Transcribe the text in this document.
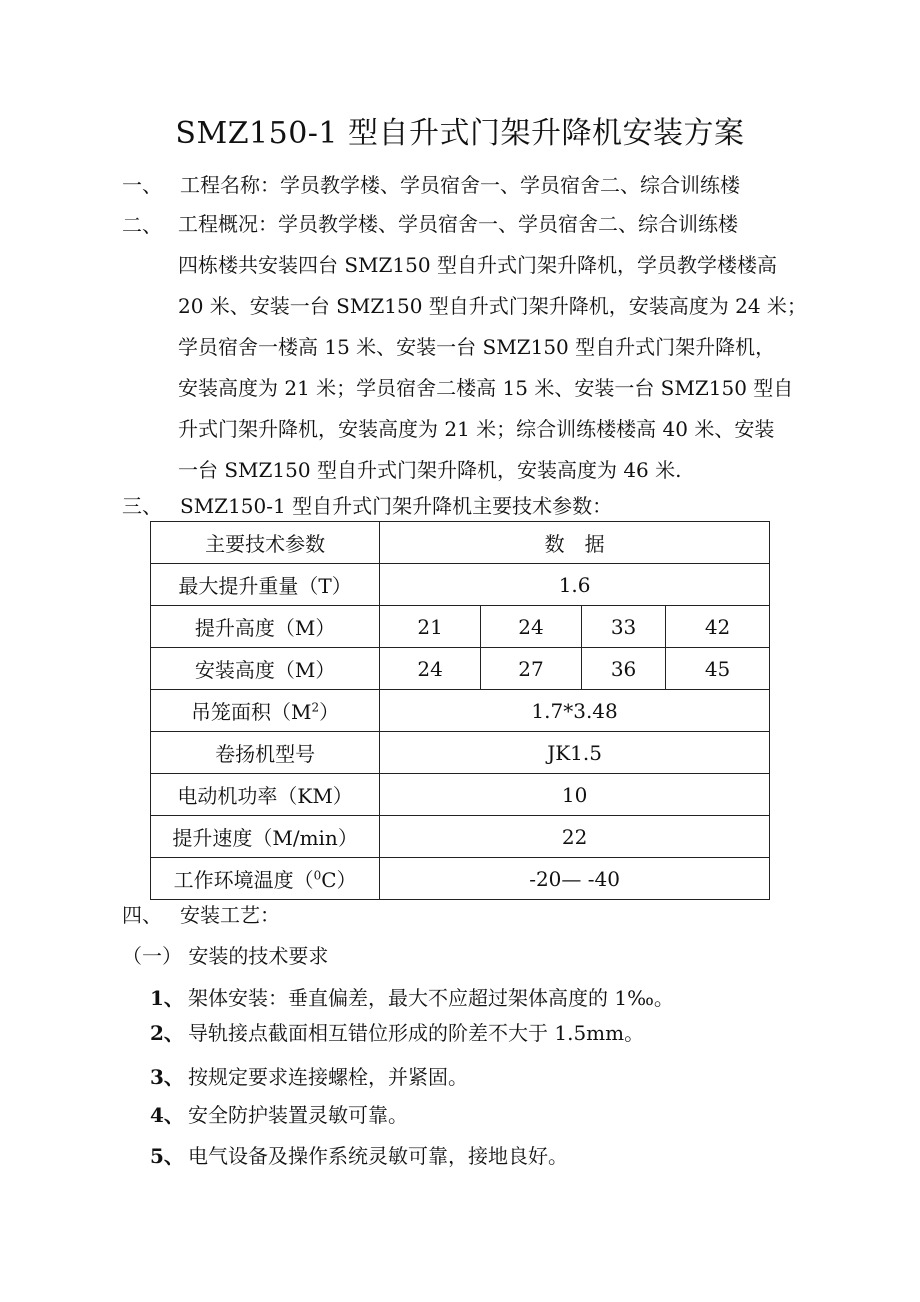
SMZ150-1 型自升式门架升降机安装方案
一、 工程名称：学员教学楼、学员宿舍一、学员宿舍二、综合训练楼
二、 工程概况：学员教学楼、学员宿舍一、学员宿舍二、综合训练楼
四栋楼共安装四台 SMZ150 型自升式门架升降机，学员教学楼楼高
20 米、安装一台 SMZ150 型自升式门架升降机，安装高度为 24 米；
学员宿舍一楼高 15 米、安装一台 SMZ150 型自升式门架升降机，
安装高度为 21 米；学员宿舍二楼高 15 米、安装一台 SMZ150 型自
升式门架升降机，安装高度为 21 米；综合训练楼楼高 40 米、安装
一台 SMZ150 型自升式门架升降机，安装高度为 46 米.
三、 SMZ150-1 型自升式门架升降机主要技术参数：
主要技术参数	数　据			
最大提升重量（T）	1.6			
提升高度（M）	21	24	33	42
安装高度（M）	24	27	36	45
吊笼面积$(M^2)$	1.7*3.48			
卷扬机型号	JK1.5			
电动机功率（KM）	10			
提升速度（M/min）	22			
工作环境温度（$^0$C）	-20— -40			
四、 安装工艺：
（一） 安装的技术要求
1、 架体安装：垂直偏差，最大不应超过架体高度的 1‰。
2、 导轨接点截面相互错位形成的阶差不大于 1.5mm。
3、 按规定要求连接螺栓，并紧固。
4、 安全防护装置灵敏可靠。
5、 电气设备及操作系统灵敏可靠，接地良好。
